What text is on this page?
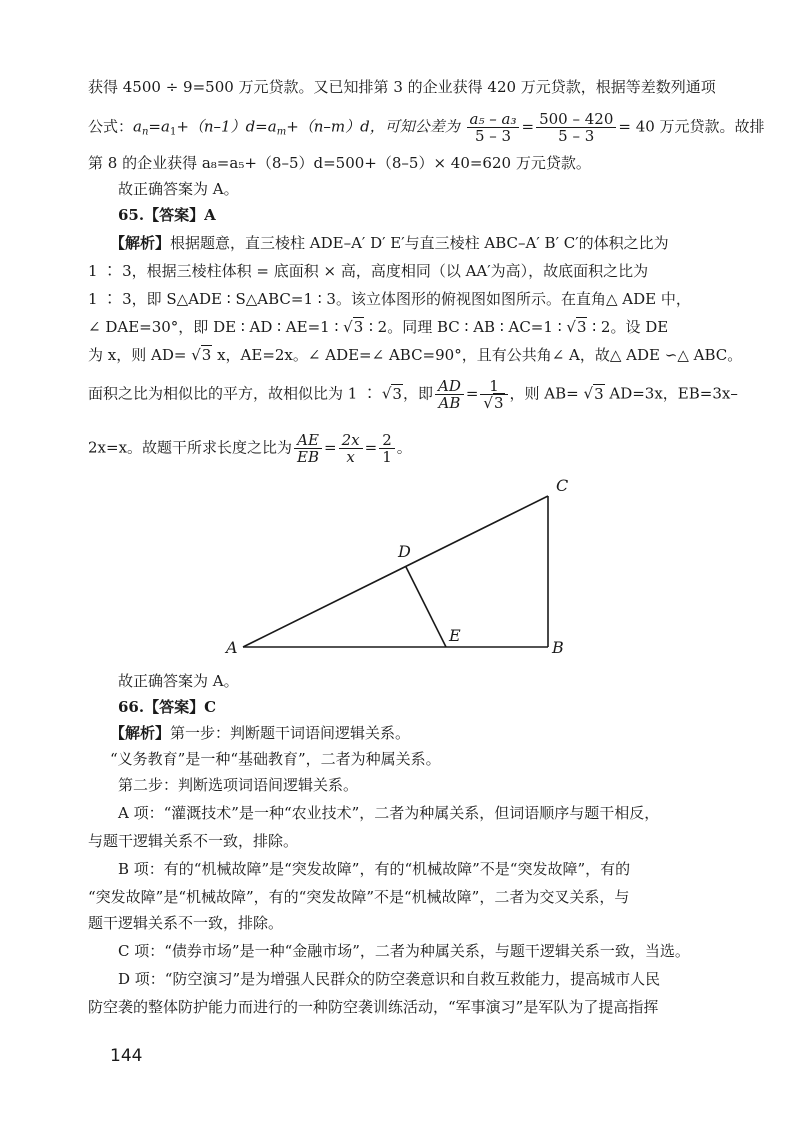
获得 4500 ÷ 9=500 万元贷款。又已知排第 3 的企业获得 420 万元贷款，根据等差数列通项
公式：$a_n=a_1+(n-1)d=a_m+(n-m)d$，可知公差为 $\frac{\text{a₅ – a₃}}{5 - 3} = \frac{500 - 420}{5 - 3} = 40$ 万元贷款。故排
第 8 的企业获得 a₈=a₅+（8–5）d=500+（8–5）× 40=620 万元贷款。
故正确答案为 A。
65.【答案】A
【解析】根据题意，直三棱柱 ADE–A′ D′ E′与直三棱柱 ABC–A′ B′ C′的体积之比为
1 ∶ 3，根据三棱柱体积 = 底面积 × 高，高度相同（以 AA′为高），故底面积之比为
1 ∶ 3，即 S△ADE ∶ S△ABC=1 ∶ 3。该立体图形的俯视图如图所示。在直角△ ADE 中，
∠ DAE=30°，即 DE ∶ AD ∶ AE=1 ∶ √3 ∶ 2。同理 BC ∶ AB ∶ AC=1 ∶ √3 ∶ 2。设 DE
为 x，则 AD= √3 x，AE=2x。∠ ADE=∠ ABC=90°，且有公共角∠ A，故△ ADE ∽△ ABC。
面积之比为相似比的平方，故相似比为 1 ∶ √3，即 $\frac{AD}{AB} = \frac{1}{√3}$ ，则 AB= √3 AD=3x，EB=3x–
2x=x。故题干所求长度之比为 $\frac{AE}{EB} = \frac{2x}{x} = \frac{2}{1}$ 。
A	B
C
D
E
故正确答案为 A。
66.【答案】C
【解析】第一步：判断题干词语间逻辑关系。
“义务教育”是一种“基础教育”，二者为种属关系。
第二步：判断选项词语间逻辑关系。
A 项：“灌溉技术”是一种“农业技术”，二者为种属关系，但词语顺序与题干相反，
与题干逻辑关系不一致，排除。
B 项：有的“机械故障”是“突发故障”，有的“机械故障”不是“突发故障”，有的
“突发故障”是“机械故障”，有的“突发故障”不是“机械故障”，二者为交叉关系，与
题干逻辑关系不一致，排除。
C 项：“债券市场”是一种“金融市场”，二者为种属关系，与题干逻辑关系一致，当选。
D 项：“防空演习”是为增强人民群众的防空袭意识和自救互救能力，提高城市人民
防空袭的整体防护能力而进行的一种防空袭训练活动，“军事演习”是军队为了提高指挥
144
